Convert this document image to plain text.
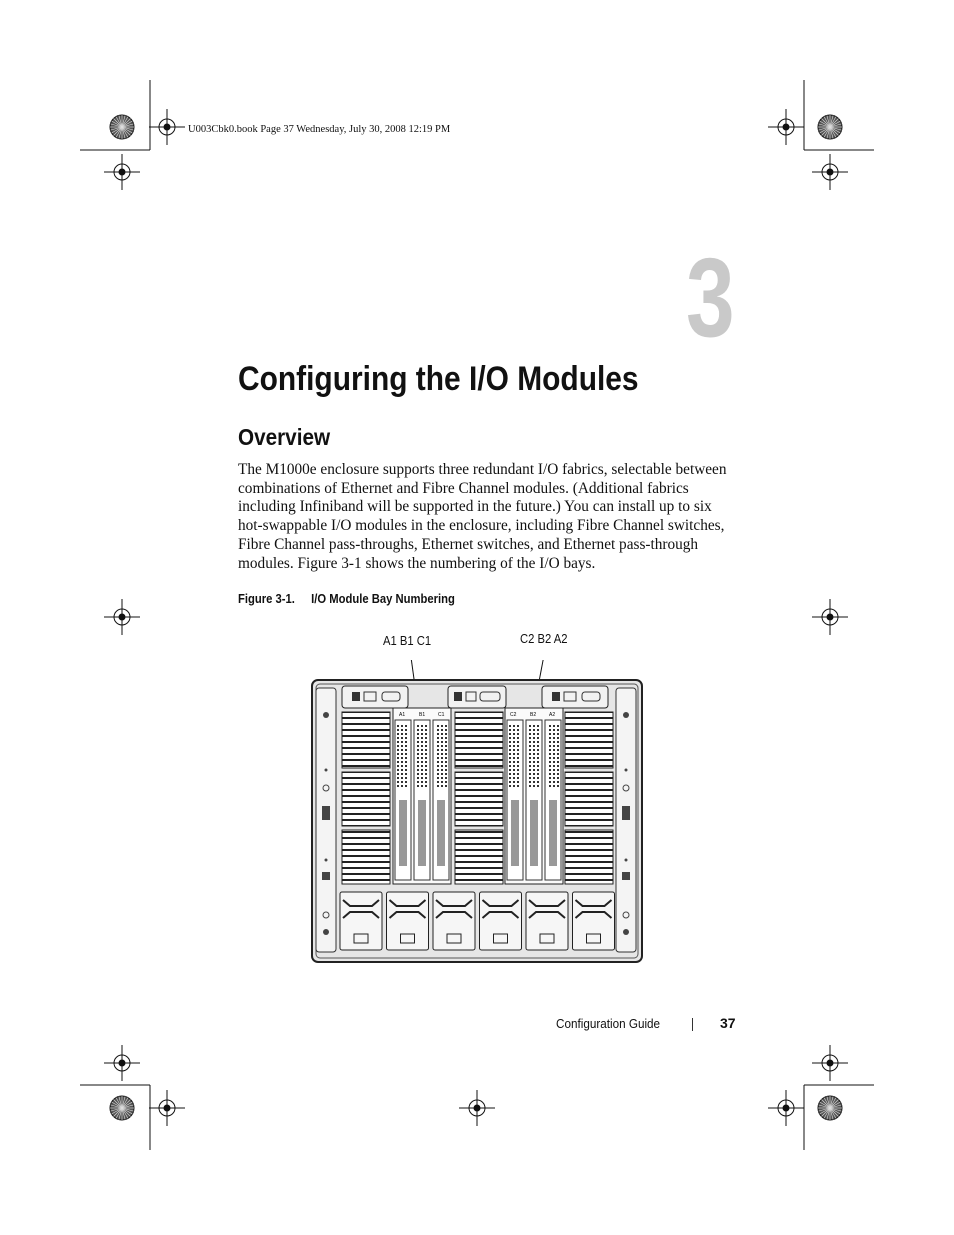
U003Cbk0.book Page 37 Wednesday, July 30, 2008 12:19 PM
3
Configuring the I/O Modules
Overview
The M1000e enclosure supports three redundant I/O fabrics, selectable between combinations of Ethernet and Fibre Channel modules. (Additional fabrics including Infiniband will be supported in the future.) You can install up to six hot-swappable I/O modules in the enclosure, including Fibre Channel switches, Fibre Channel pass-throughs, Ethernet switches, and Ethernet pass-through modules. Figure 3-1 shows the numbering of the I/O bays.
Figure 3-1. I/O Module Bay Numbering
A1 B1 C1	C2 B2 A2
A1	B1	C1	C2	B2	A2
Configuration Guide	37
